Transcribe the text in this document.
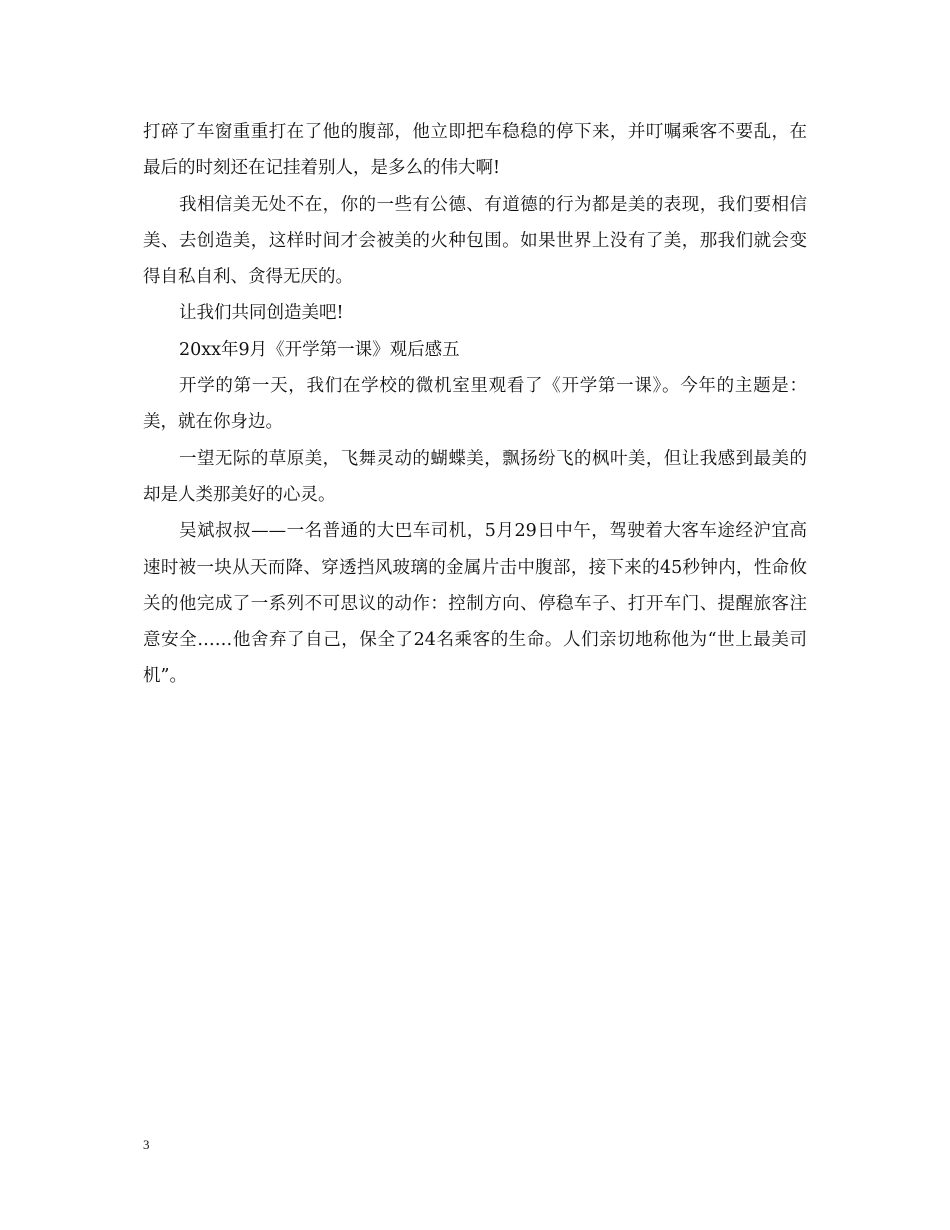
打碎了车窗重重打在了他的腹部，他立即把车稳稳的停下来，并叮嘱乘客不要乱，在最后的时刻还在记挂着别人，是多么的伟大啊!

我相信美无处不在，你的一些有公德、有道德的行为都是美的表现，我们要相信美、去创造美，这样时间才会被美的火种包围。如果世界上没有了美，那我们就会变得自私自利、贪得无厌的。

让我们共同创造美吧!

20xx年9月《开学第一课》观后感五

开学的第一天，我们在学校的微机室里观看了《开学第一课》。今年的主题是：美，就在你身边。

一望无际的草原美，飞舞灵动的蝴蝶美，飘扬纷飞的枫叶美，但让我感到最美的却是人类那美好的心灵。

吴斌叔叔——一名普通的大巴车司机，5月29日中午，驾驶着大客车途经沪宜高速时被一块从天而降、穿透挡风玻璃的金属片击中腹部，接下来的45秒钟内，性命攸关的他完成了一系列不可思议的动作：控制方向、停稳车子、打开车门、提醒旅客注意安全……他舍弃了自己，保全了24名乘客的生命。人们亲切地称他为“世上最美司机”。

3
